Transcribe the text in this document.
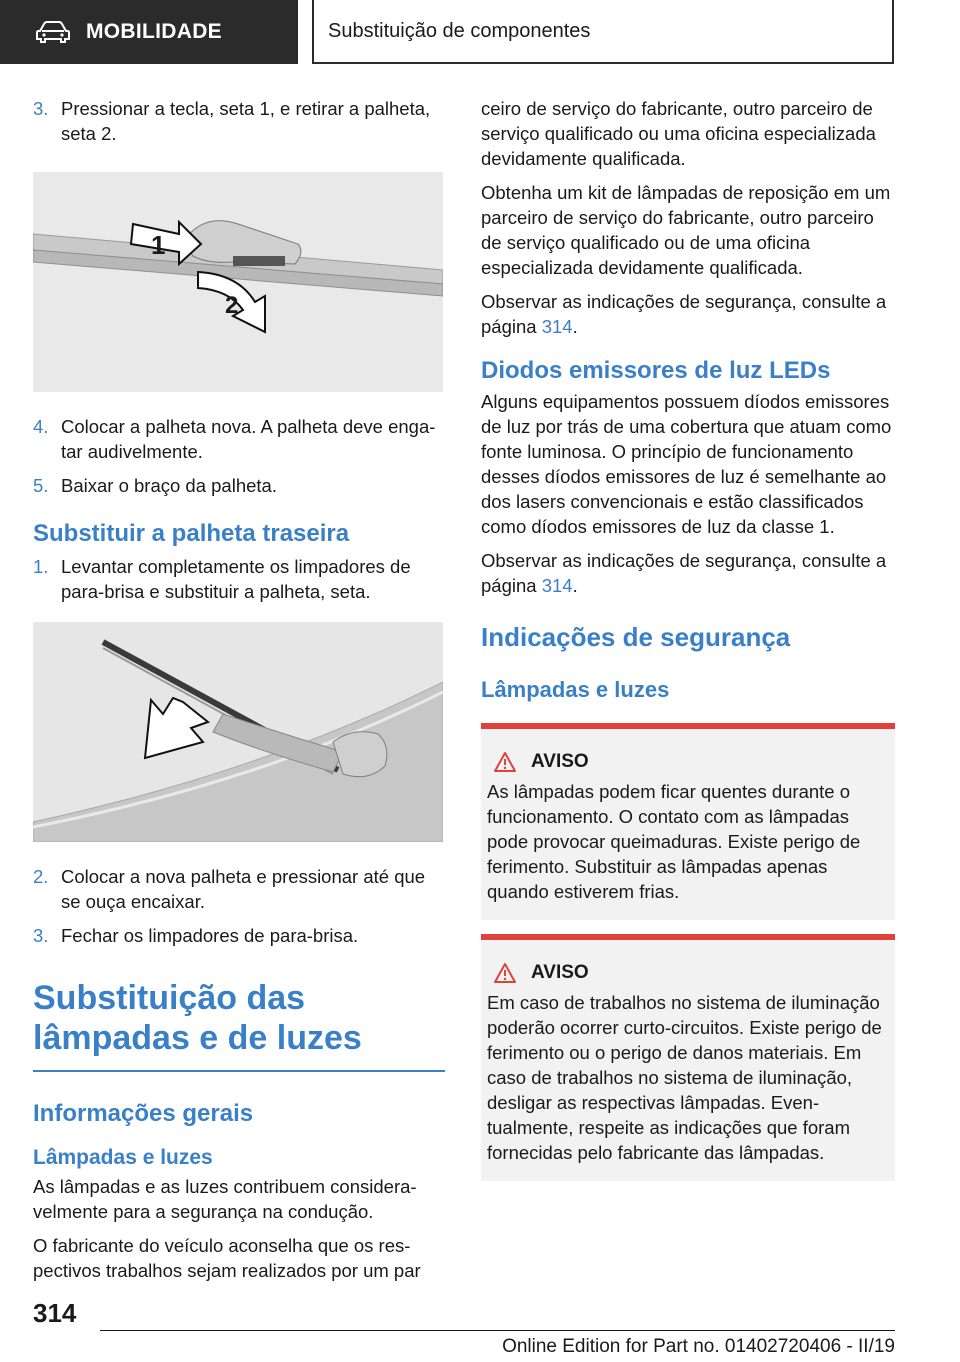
MOBILIDADE	Substituição de componentes
3. Pressionar a tecla, seta 1, e retirar a palheta, seta 2.
1
2
4. Colocar a palheta nova. A palheta deve engatar audivelmente.
5. Baixar o braço da palheta.
Substituir a palheta traseira
1. Levantar completamente os limpadores de para-brisa e substituir a palheta, seta.
2. Colocar a nova palheta e pressionar até que se ouça encaixar.
3. Fechar os limpadores de para-brisa.
Substituição das lâmpadas e de luzes
Informações gerais
Lâmpadas e luzes

As lâmpadas e as luzes contribuem consideravelmente para a segurança na condução.

O fabricante do veículo aconselha que os respectivos trabalhos sejam realizados por um par

ceiro de serviço do fabricante, outro parceiro de serviço qualificado ou uma oficina especializada devidamente qualificada.

Obtenha um kit de lâmpadas de reposição em um parceiro de serviço do fabricante, outro parceiro de serviço qualificado ou de uma oficina especializada devidamente qualificada.

Observar as indicações de segurança, consulte a página 314.

Diodos emissores de luz LEDs

Alguns equipamentos possuem díodos emissores de luz por trás de uma cobertura que atuam como fonte luminosa. O princípio de funcionamento desses díodos emissores de luz é semelhante ao dos lasers convencionais e estão classificados como díodos emissores de luz da classe 1.

Observar as indicações de segurança, consulte a página 314.

Indicações de segurança
Lâmpadas e luzes
AVISO
As lâmpadas podem ficar quentes durante o funcionamento. O contato com as lâmpadas pode provocar queimaduras. Existe perigo de ferimento. Substituir as lâmpadas apenas quando estiverem frias.
AVISO
Em caso de trabalhos no sistema de iluminação poderão ocorrer curto-circuitos. Existe perigo de ferimento ou o perigo de danos materiais. Em caso de trabalhos no sistema de iluminação, desligar as respectivas lâmpadas. Eventualmente, respeite as indicações que foram fornecidas pelo fabricante das lâmpadas.
314
Online Edition for Part no. 01402720406 - II/19
